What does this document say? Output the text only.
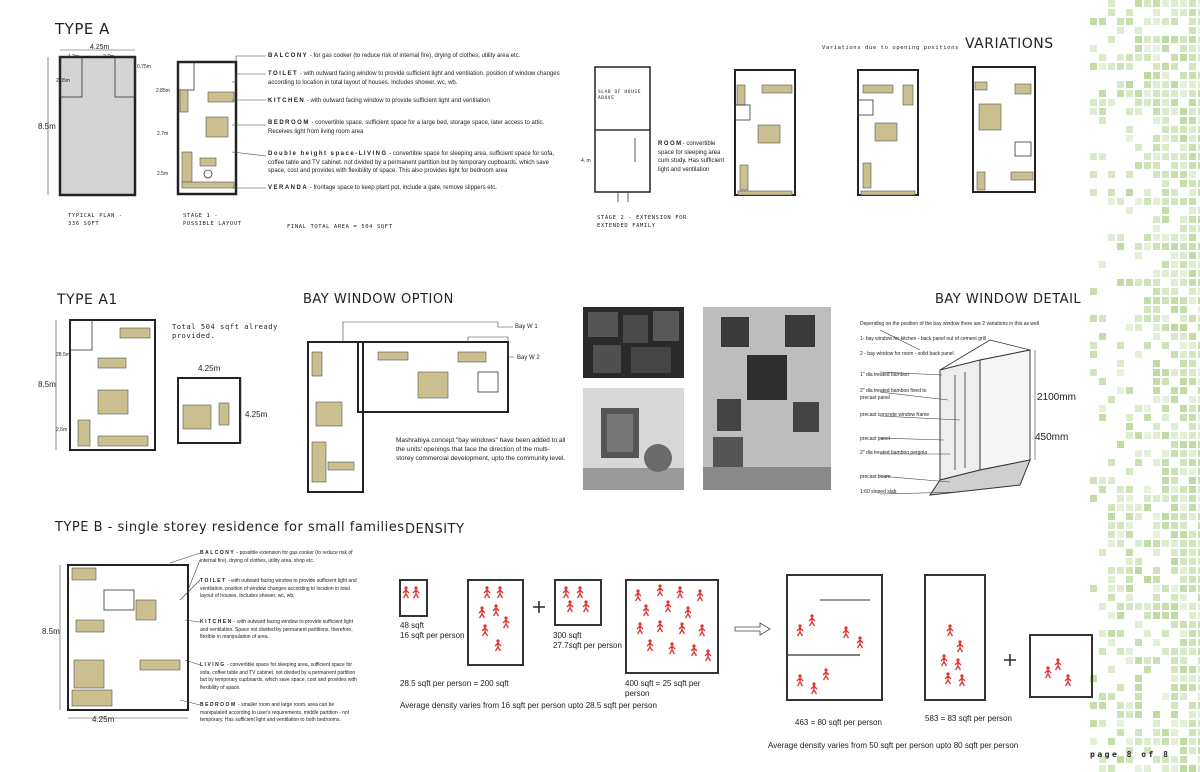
TYPE A
4.25m
1.2m	2.7m
0.75m
8.5m
2.05m
TYPICAL PLAN -
336 SQFT
2.85m
2.7m
2.5m
STAGE 1 -
POSSIBLE LAYOUT	FINAL TOTAL AREA = 504 SQFT
BALCONY - for gas cooker (to reduce risk of internal fire), drying of clothes, utility area etc.
TOILET - with outward facing window to provide sufficient light and ventilation. position of window changes according to location in total layout of houses. Includes shower, wc, wb.
KITCHEN - with outward facing window to provide sufficient light and ventilation
BEDROOM - convertible space, sufficient space for a large bed, storage space, later access to attic. Receives light from living room area
Double height space-LIVING - convertible space for sleeping area, sufficient space for sofa, coffee table and TV cabinet. not divided by a permanent partition but by temporary cupboards, which save space, cost and provides with flexibility of space. This also provides light for bedroom area
VERANDA - frontage space to keep plant pot, include a gate, remove slippers etc.
SLAB OF HOUSE
ABOVE
4. m
ROOM- convertible space for sleeping area cum study. Has sufficient light and ventilation
STAGE 2 - EXTENSION FOR
EXTENDED FAMILY
Variations due to opening positions VARIATIONS
TYPE A1
8.5m
28.5m
2.6m
Total 504 sqft already provided.
4.25m
4.25m
BAY WINDOW OPTION
Bay W 1
Bay W 2
Mashrabiya concept "bay windows" have been added to all the units' openings that face the direction of the multi-storey commercial development, upto the community level.
BAY WINDOW DETAIL
Depending on the position of the bay window there are 2 variations in this as well
1- bay window for kitchen - back panel out of cement grill
2 - bay window for room - solid back panel
1" dia treated bamboo
2" dia treated bamboo fixed to precast panel
precast concrete window frame
precast panel
2" dia treated bamboo pergola
precast beam
1:60 sloped slab
2100mm
450mm
TYPE B - single storey residence for small families
8.5m
4.25m
BALCONY - possible extension for gas cooker (to reduce risk of internal fire), drying of clothes, utility area, shop etc.
TOILET - with outward facing window to provide sufficient light and ventilation. position of window changes according to location in total layout of houses. Includes shower, wc, wb.
KITCHEN - with outward facing window to provide sufficient light and ventilation. Space not divided by permanent partitions, therefore, flexible in manipulation of area.
LIVING - convertible space for sleeping area, sufficient space for sofa, coffee table and TV cabinet. not divided by a permanent partition but by temporary cupboards, which save space, cost and provides with flexibility of space.
BEDROOM - smaller room and large room. area can be manipulated according to user's requirements. middle partition - not temporary. Has sufficient light and ventilation to both bedrooms.
DENSITY
48 sqft
16 sqft per person	300 sqft
27.7sqft per person
28.5 sqft per person = 200 sqft	400 sqft = 25 sqft per
person
Average density varies from 16 sqft per person upto 28.5 sqft per person
463 = 80 sqft per person	583 = 83 sqft per person
Average density varies from 50 sqft per person upto 80 sqft per person
page 8 of 8
